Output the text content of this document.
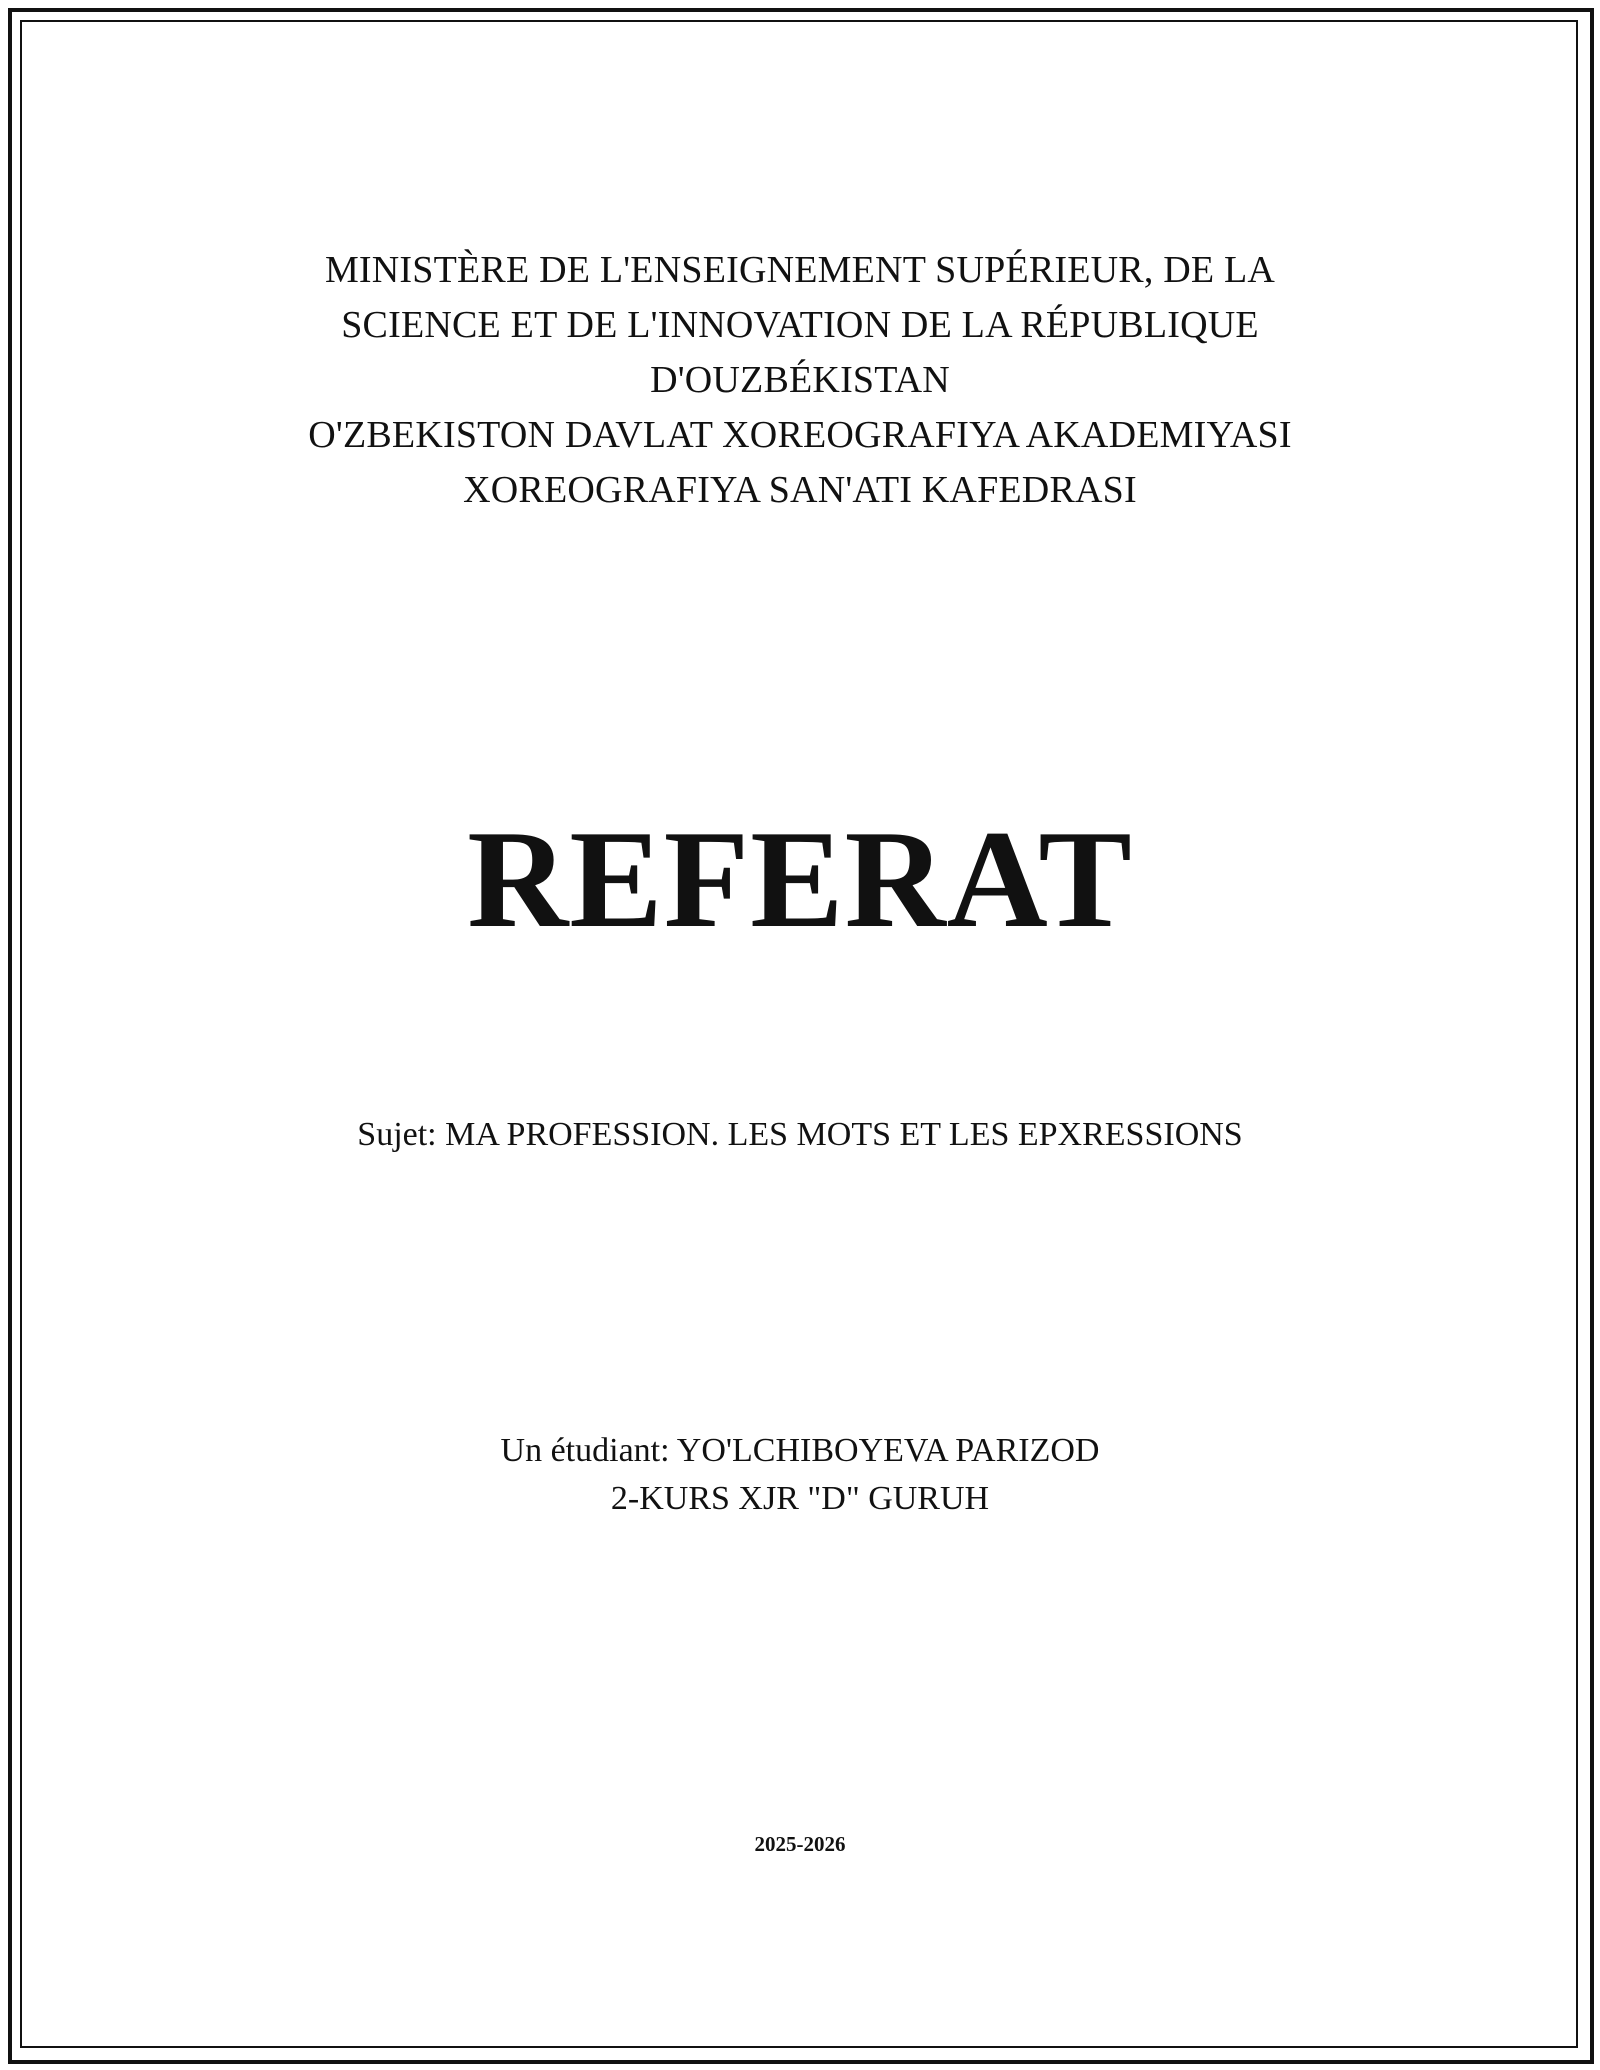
MINISTÈRE DE L'ENSEIGNEMENT SUPÉRIEUR, DE LA
SCIENCE ET DE L'INNOVATION DE LA RÉPUBLIQUE
D'OUZBÉKISTAN
O'ZBEKISTON DAVLAT XOREOGRAFIYA AKADEMIYASI
XOREOGRAFIYA SAN'ATI KAFEDRASI
REFERAT
Sujet: MA PROFESSION. LES MOTS ET LES EPXRESSIONS
Un étudiant: YO'LCHIBOYEVA PARIZOD
2-KURS XJR "D" GURUH
2025-2026
